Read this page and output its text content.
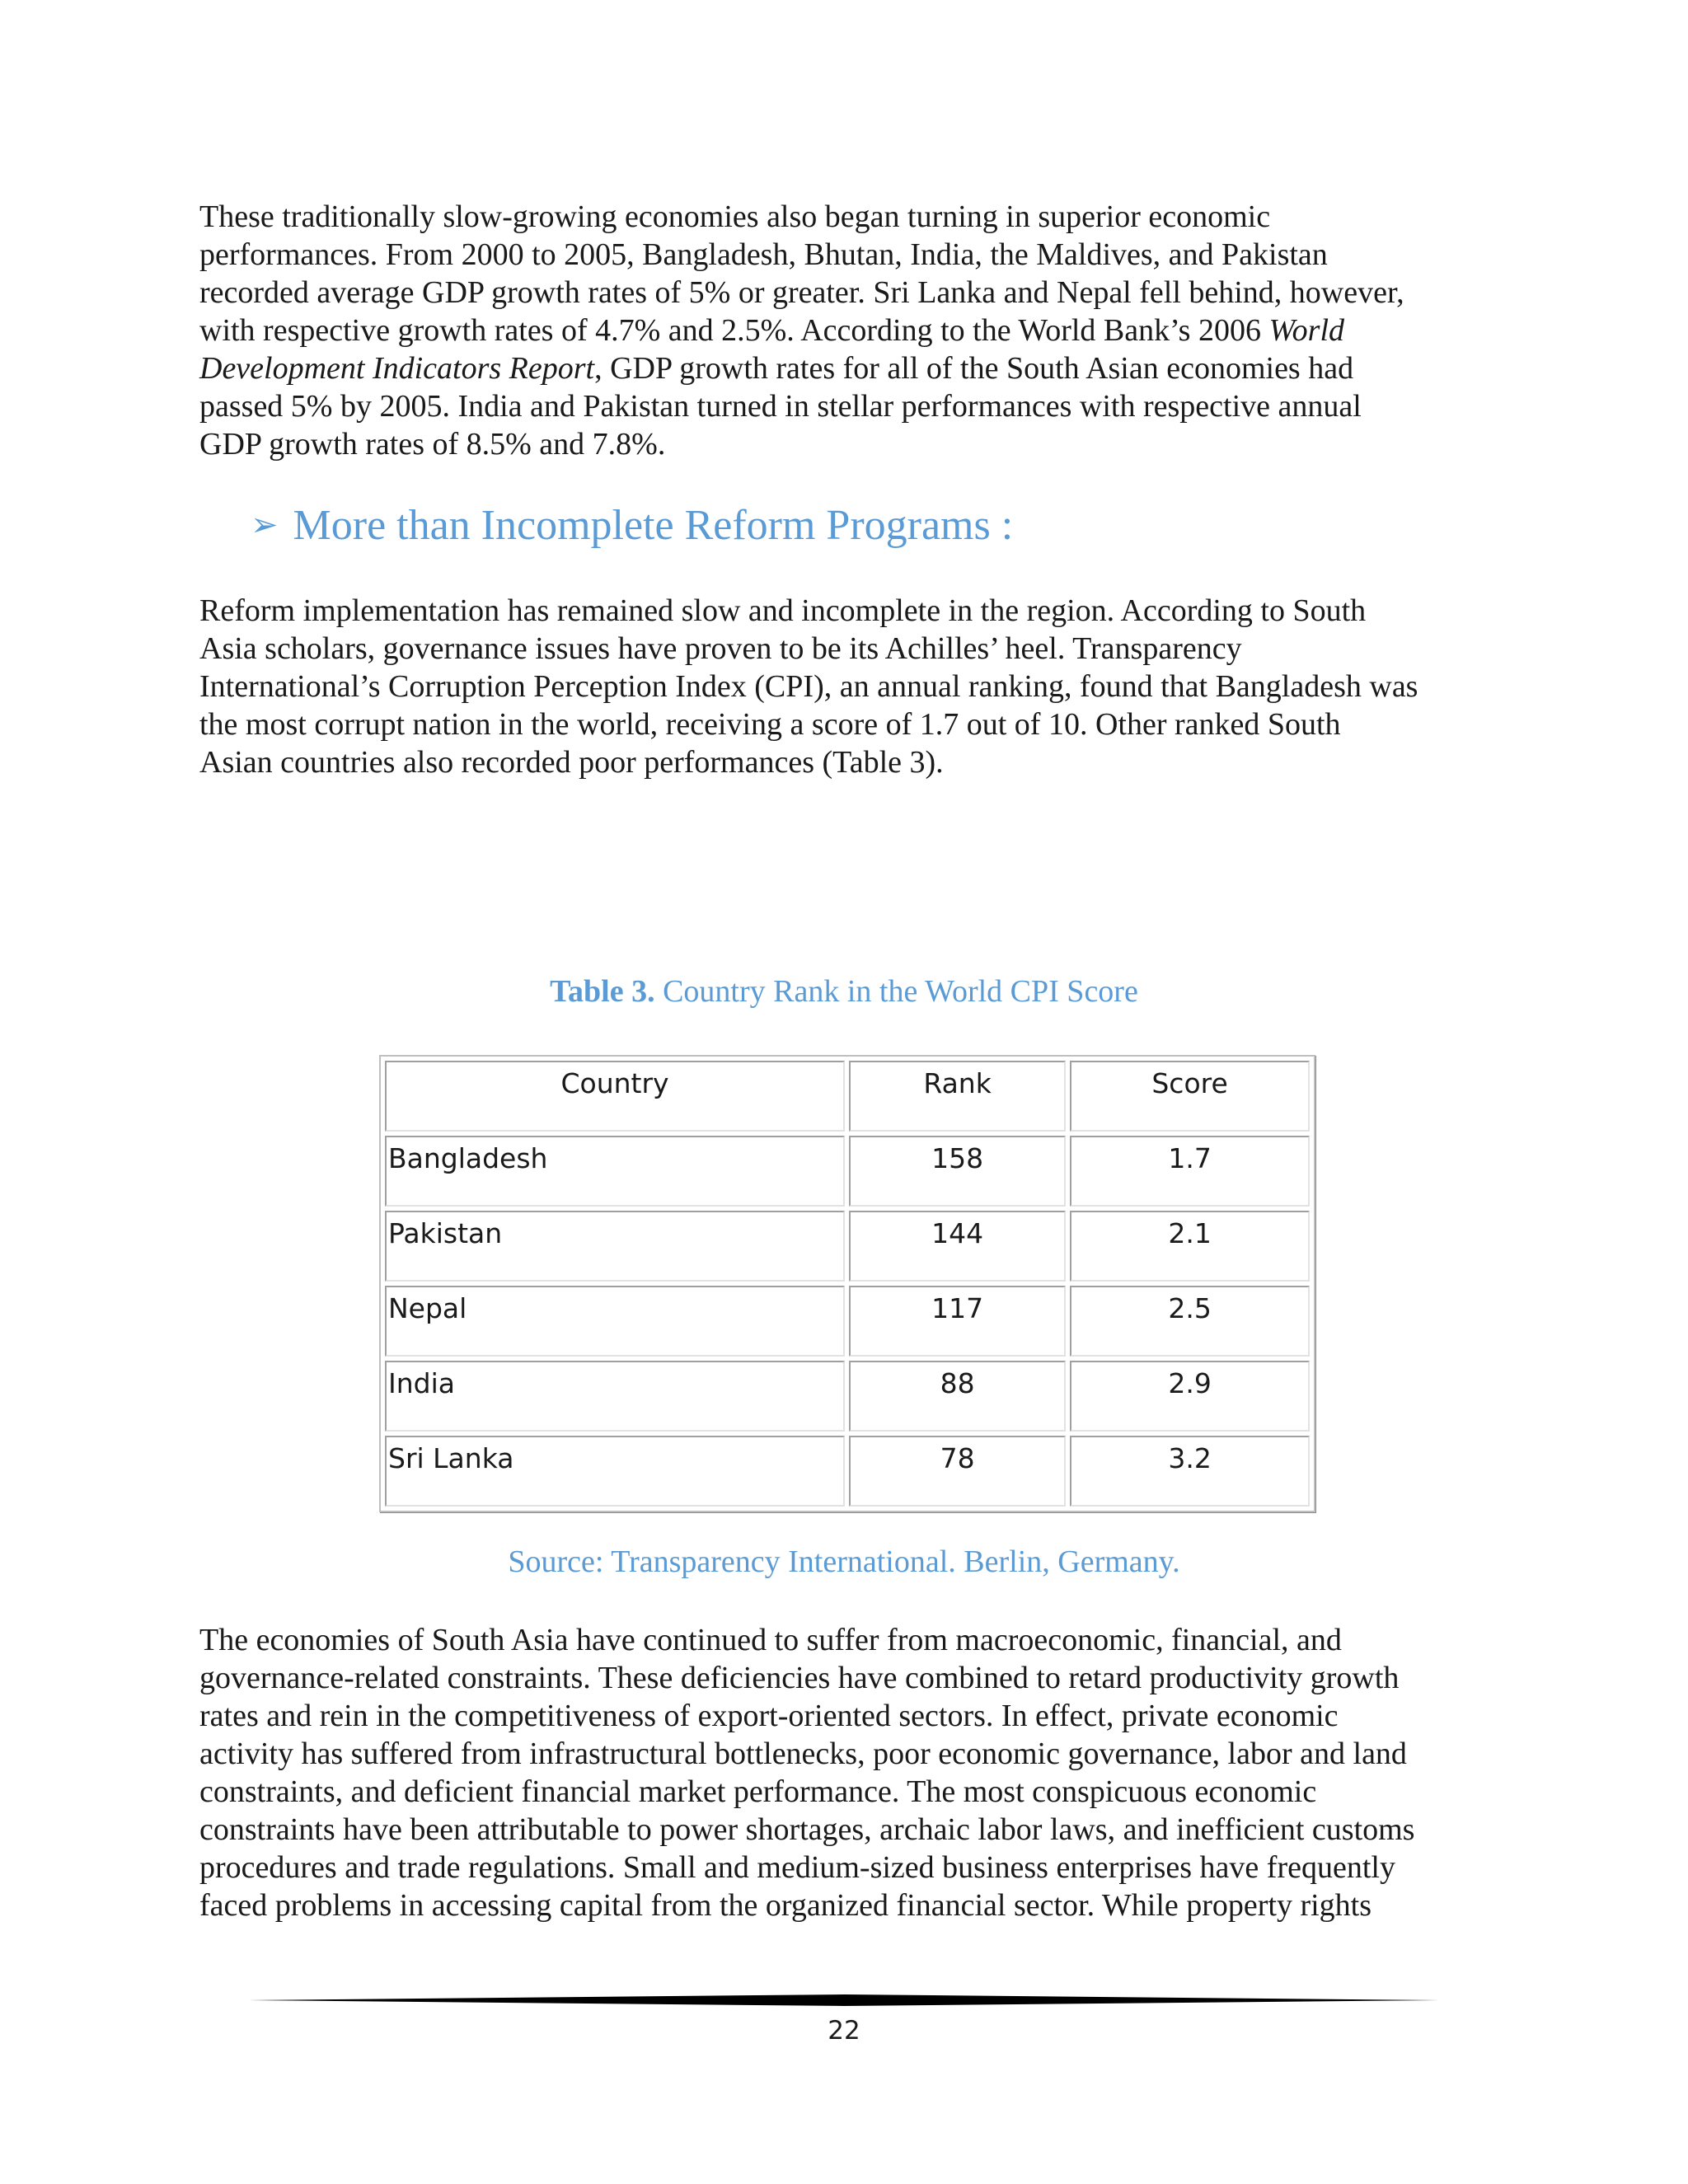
These traditionally slow-growing economies also began turning in superior economic
performances. From 2000 to 2005, Bangladesh, Bhutan, India, the Maldives, and Pakistan
recorded average GDP growth rates of 5% or greater. Sri Lanka and Nepal fell behind, however,
with respective growth rates of 4.7% and 2.5%. According to the World Bank’s 2006 World
Development Indicators Report, GDP growth rates for all of the South Asian economies had
passed 5% by 2005. India and Pakistan turned in stellar performances with respective annual
GDP growth rates of 8.5% and 7.8%.
➢ More than Incomplete Reform Programs :
Reform implementation has remained slow and incomplete in the region. According to South
Asia scholars, governance issues have proven to be its Achilles’ heel. Transparency
International’s Corruption Perception Index (CPI), an annual ranking, found that Bangladesh was
the most corrupt nation in the world, receiving a score of 1.7 out of 10. Other ranked South
Asian countries also recorded poor performances (Table 3).
Table 3. Country Rank in the World CPI Score
Country	Rank	Score
Bangladesh	158	1.7
Pakistan	144	2.1
Nepal	117	2.5
India	88	2.9
Sri Lanka	78	3.2
Source: Transparency International. Berlin, Germany.
The economies of South Asia have continued to suffer from macroeconomic, financial, and
governance-related constraints. These deficiencies have combined to retard productivity growth
rates and rein in the competitiveness of export-oriented sectors. In effect, private economic
activity has suffered from infrastructural bottlenecks, poor economic governance, labor and land
constraints, and deficient financial market performance. The most conspicuous economic
constraints have been attributable to power shortages, archaic labor laws, and inefficient customs
procedures and trade regulations. Small and medium-sized business enterprises have frequently
faced problems in accessing capital from the organized financial sector. While property rights
22
